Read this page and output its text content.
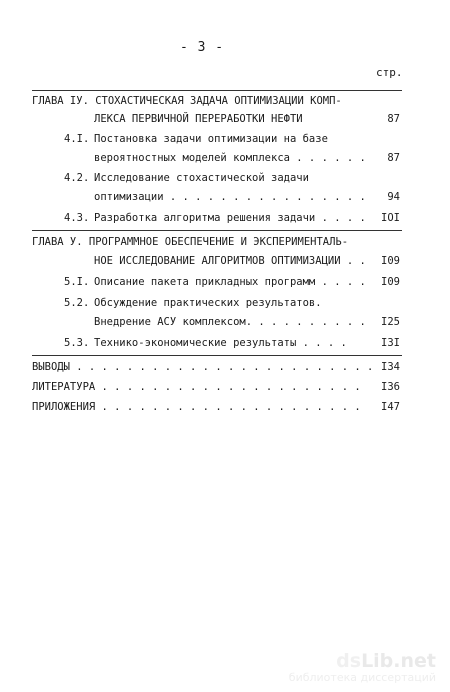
- 3 -
стр.
ГЛАВА IУ. СТОХАСТИЧЕСКАЯ ЗАДАЧА ОПТИМИЗАЦИИ КОМП-
ЛЕКСА ПЕРВИЧНОЙ ПЕРЕРАБОТКИ НЕФТИ	87
4.I. Постановка задачи оптимизации на базе
вероятностных моделей комплекса . . . . . .	87
4.2. Исследование стохастической задачи
оптимизации . . . . . . . . . . . . . . . .	94
4.3. Разработка алгоритма решения задачи . . . .	IOI
ГЛАВА У. ПРОГРАММНОЕ ОБЕСПЕЧЕНИЕ И ЭКСПЕРИМЕНТАЛЬ-
НОЕ ИССЛЕДОВАНИЕ АЛГОРИТМОВ ОПТИМИЗАЦИИ . .	I09
5.I. Описание пакета прикладных программ . . . .	I09
5.2. Обсуждение практических результатов.
Внедрение АСУ комплексом. . . . . . . . . .	I25
5.3. Технико-экономические результаты . . . .	I3I
ВЫВОДЫ . . . . . . . . . . . . . . . . . . . . . . . . I34
ЛИТЕРАТУРА . . . . . . . . . . . . . . . . . . . . .	I36
ПРИЛОЖЕНИЯ . . . . . . . . . . . . . . . . . . . . .	I47
dsLib.net
библиотека диссертаций
